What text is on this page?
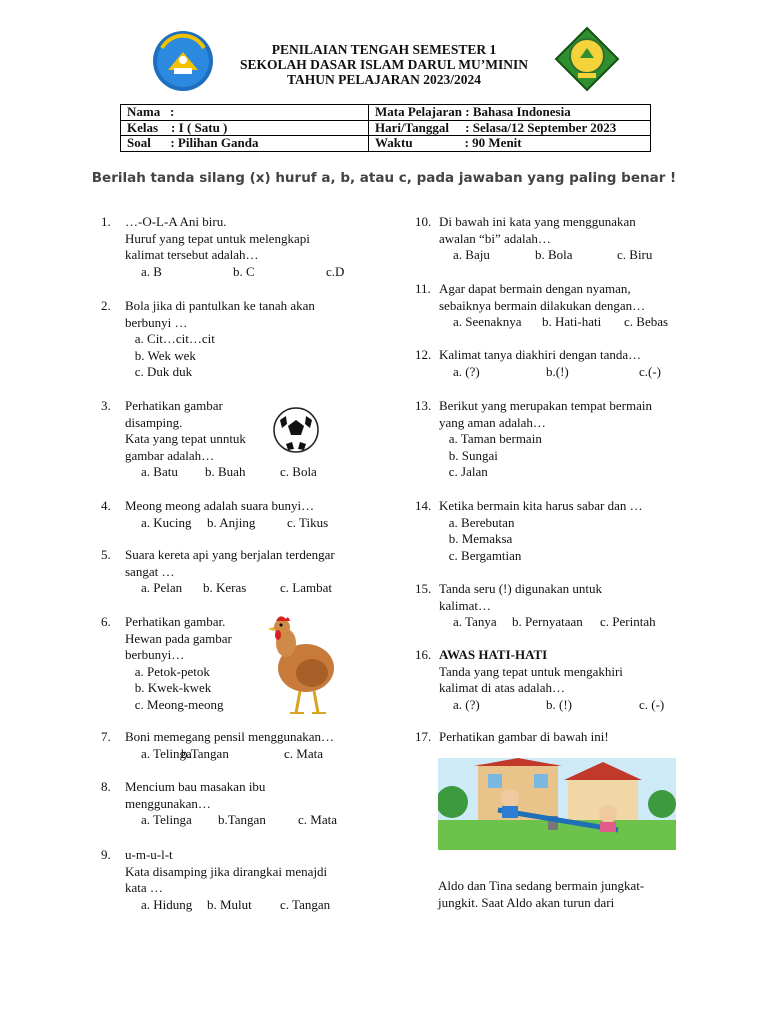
PENILAIAN TENGAH SEMESTER 1
SEKOLAH DASAR ISLAM DARUL MU’MININ
TAHUN PELAJARAN 2023/2024
Nama   :	Mata Pelajaran : Bahasa Indonesia
Kelas    : I ( Satu )	Hari/Tanggal     : Selasa/12 September 2023
Soal      : Pilihan Ganda	Waktu                : 90 Menit
Berilah tanda silang (x) huruf a, b, atau c, pada jawaban yang paling benar !
1. …-O-L-A Ani biru.
Huruf yang tepat untuk melengkapi
kalimat tersebut adalah…
a. B	b. C	c.D
2. Bola jika di pantulkan ke tanah akan
berbunyi …
a. Cit…cit…cit
b. Wek wek
c. Duk duk
3. Perhatikan gambar
disamping.
Kata yang tepat unntuk
gambar adalah…
a. Batu b. Buah	c. Bola
4. Meong meong adalah suara bunyi…
a. Kucing b. Anjing c. Tikus
5. Suara kereta api yang berjalan terdengar
sangat …
a. Pelan b. Keras	c. Lambat
6. Perhatikan gambar.
Hewan pada gambar
berbunyi…
a. Petok-petok
b. Kwek-kwek
c. Meong-meong
7. Boni memegang pensil menggunakan…
a. Telinga
b.Tangan	c. Mata
8. Mencium bau masakan ibu
menggunakan…
a. Telinga b.Tangan c. Mata
9. u-m-u-l-t
Kata disamping jika dirangkai menajdi
kata …
a. Hidung b. Mulut c. Tangan
10. Di bawah ini kata yang menggunakan
awalan “bi” adalah…
a. Baju	b. Bola	c. Biru
11. Agar dapat bermain dengan nyaman,
sebaiknya bermain dilakukan dengan…
a. Seenaknya b. Hati-hati c. Bebas
12. Kalimat tanya diakhiri dengan tanda…
a. (?)	b.(!)	c.(-)
13. Berikut yang merupakan tempat bermain
yang aman adalah…
a. Taman bermain
b. Sungai
c. Jalan
14. Ketika bermain kita harus sabar dan …
a. Berebutan
b. Memaksa
c. Bergamtian
15. Tanda seru (!) digunakan untuk
kalimat…
a. Tanya b. Pernyataan c. Perintah
16. AWAS HATI-HATI
Tanda yang tepat untuk mengakhiri
kalimat di atas adalah…
a. (?)	b. (!)	c. (-)
17. Perhatikan gambar di bawah ini!
Aldo dan Tina sedang bermain jungkat-
jungkit. Saat Aldo akan turun dari
